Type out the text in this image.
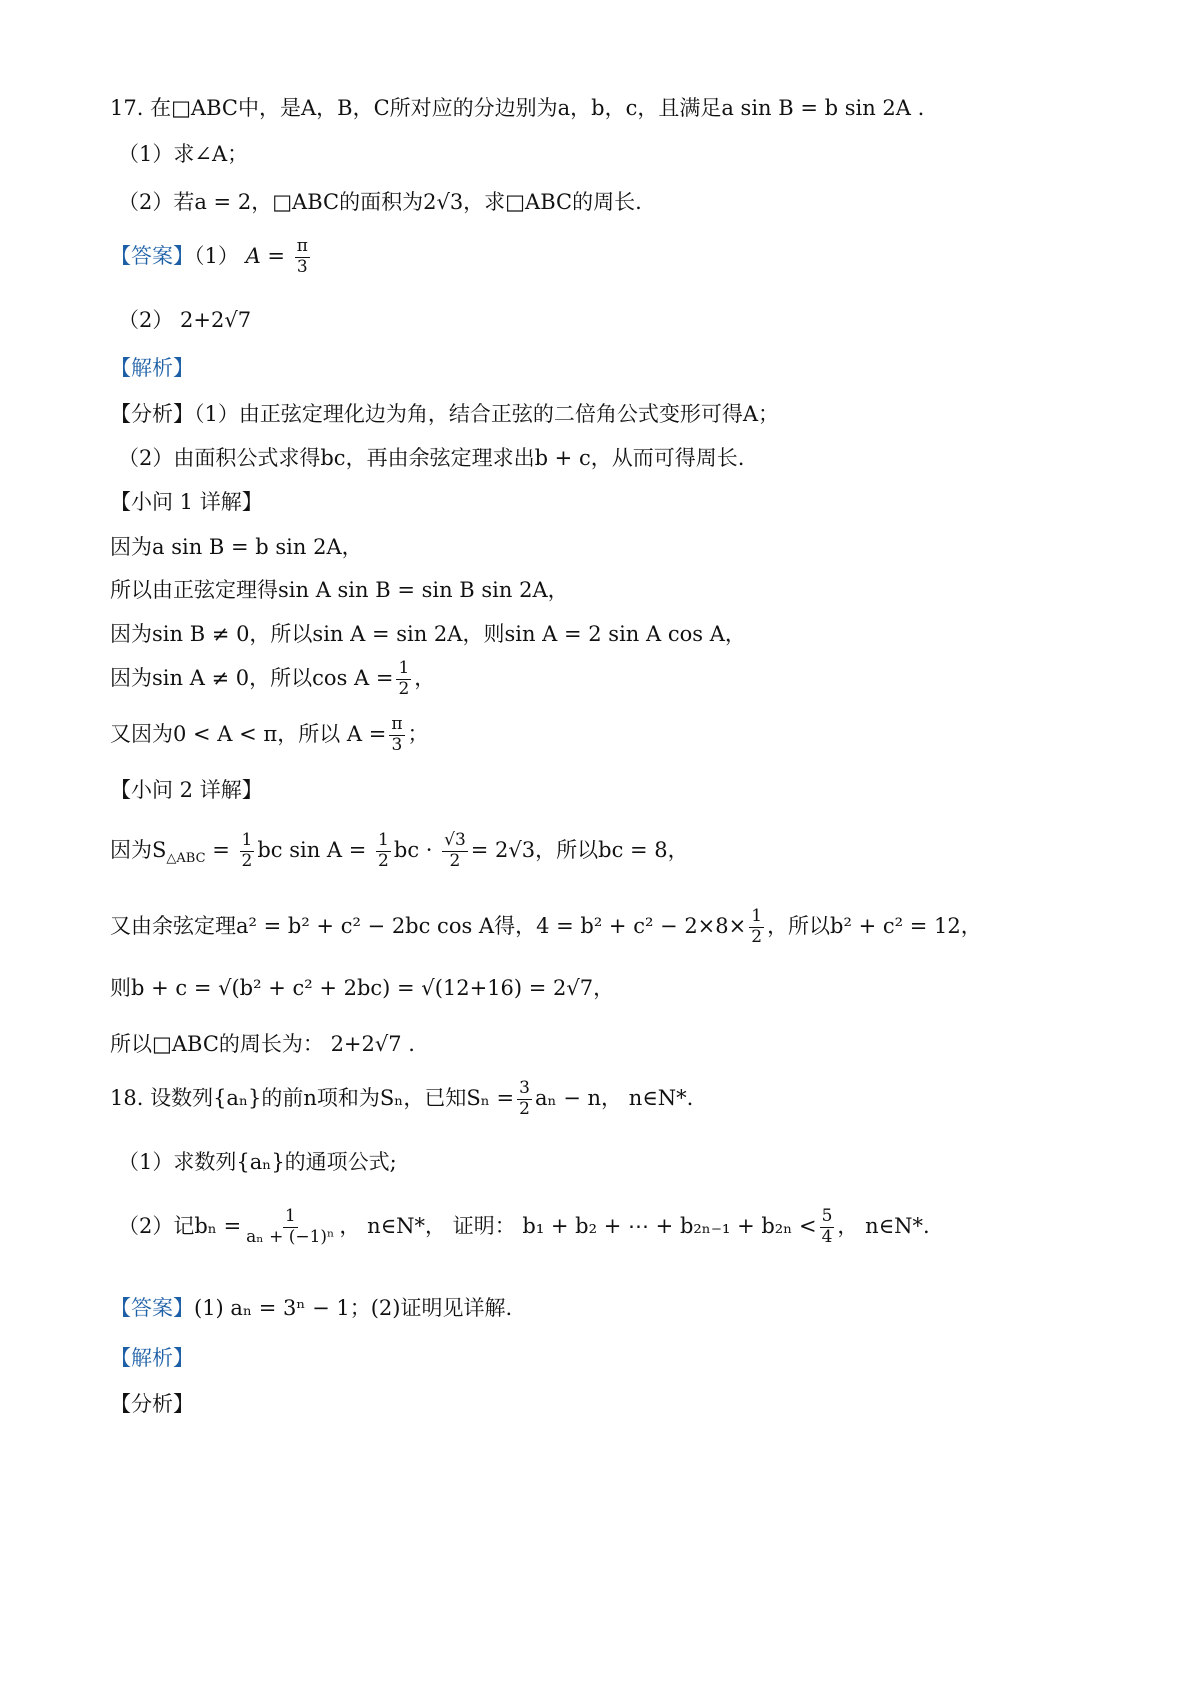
17. 在□ABC中，是A，B，C所对应的分边别为a，b，c，且满足a sin B = b sin 2A .
（1）求∠A；
（2）若a = 2，□ABC的面积为2√3，求□ABC的周长.
【答案】（1） $A = \frac{\pi}{3}$
（2） 2+2√7
【解析】
【分析】（1）由正弦定理化边为角，结合正弦的二倍角公式变形可得A；
（2）由面积公式求得bc，再由余弦定理求出b + c，从而可得周长.
【小问 1 详解】
因为a sin B = b sin 2A，
所以由正弦定理得sin A sin B = sin B sin 2A，
因为sin B ≠ 0，所以sin A = sin 2A，则sin A = 2 sin A cos A，
因为sin A ≠ 0，所以$\cos A = \frac{1}{2}$ ，
又因为0 < A < π，所以 $A = \frac{\pi}{3}$ ；
【小问 2 详解】
因为$S_{\triangle ABC} = \frac{1}{2}$ bc $\sin A = \frac{1}{2}$ bc · $\frac{√3}{2} = 2√3$，所以bc = 8，
又由余弦定理a² = b² + c² − 2bc cos A得，$4 = b^2 + c^2 - 2\times 8\times \frac{1}{2}$ ，所以b² + c² = 12，
则b + c = √(b² + c² + 2bc) = √(12+16) = 2√7，
所以□ABC的周长为： 2+2√7 .
18. 设数列{aₙ}的前n项和为Sₙ，已知$S_n = \frac{3}{2}$ aₙ − n， n∈N*.
（1）求数列{aₙ}的通项公式;
（2）记$b_n = \frac{1}{\text{aₙ + (−1)ⁿ}}$ ， n∈N*， 证明： b₁ + b₂ + ⋯ + $b_{2n-1} + b_{2n} < \frac{5}{4}$ ， n∈N*.
【答案】(1) aₙ = 3ⁿ − 1；(2)证明见详解.
【解析】
【分析】
